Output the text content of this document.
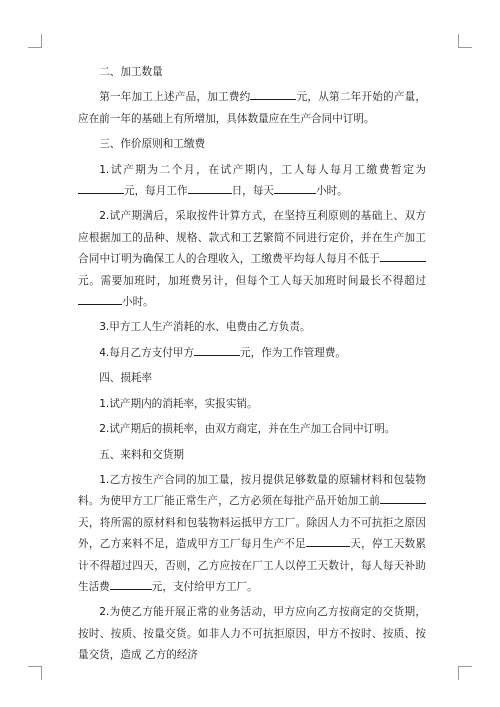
二、加工数量

第一年加工上述产品，加工费约	元，从第二年开始的产量，应在前一年的基础上有所增加，具体数量应在生产合同中订明。

三、作价原则和工缴费

1.试产期为二个月，在试产期内，工人每人每月工缴费暂定为元，每月工作	日，每天	小时。

2.试产期满后，采取按件计算方式，在坚持互利原则的基础上、双方应根据加工的品种、规格、款式和工艺繁简不同进行定价，并在生产加工合同中订明为确保工人的合理收入，工缴费平均每人每月不低于元。需要加班时，加班费另计，但每个工人每天加班时间最长不得超过小时。

3.甲方工人生产消耗的水、电费由乙方负责。

4.每月乙方支付甲方	元，作为工作管理费。

四、损耗率

1.试产期内的消耗率，实报实销。

2.试产期后的损耗率，由双方商定，并在生产加工合同中订明。

五、来料和交货期

1.乙方按生产合同的加工量，按月提供足够数量的原辅材料和包装物料。为使甲方工厂能正常生产，乙方必须在每批产品开始加工前天，将所需的原材料和包装物料运抵甲方工厂。除因人力不可抗拒之原因外，乙方来料不足，造成甲方工厂每月生产不足	天，停工天数累计不得超过四天，否则，乙方应按在厂工人以停工天数计，每人每天补助生活费	元，支付给甲方工厂。

2.为使乙方能开展正常的业务活动，甲方应向乙方按商定的交货期，按时、按质、按量交货。如非人力不可抗拒原因，甲方不按时、按质、按量交货，造成 乙方的经济
